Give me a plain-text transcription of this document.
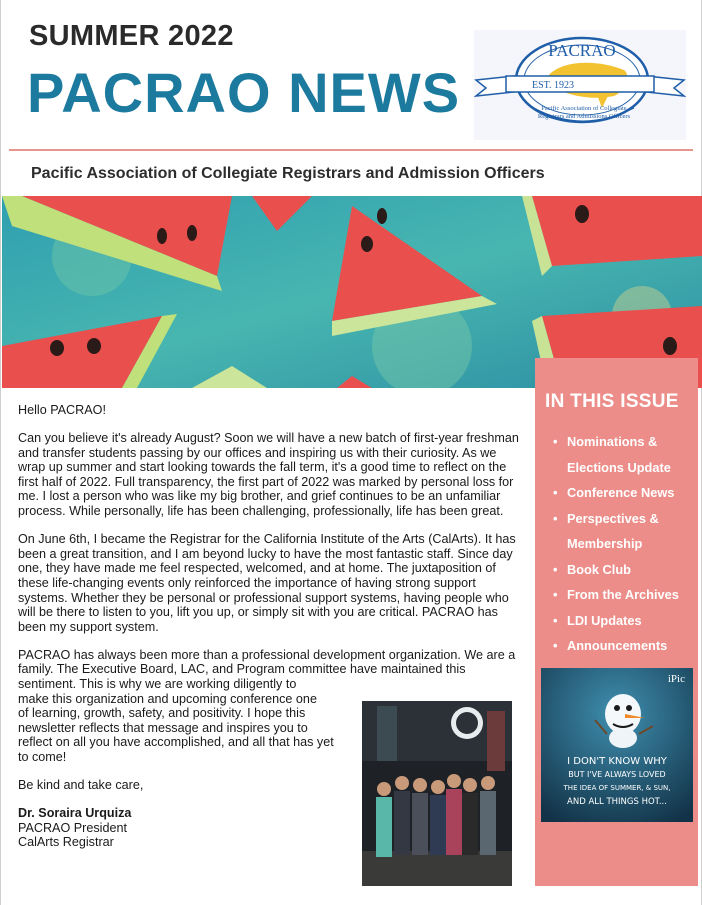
SUMMER 2022
PACRAO NEWS
PACRAO
EST. 1923
Pacific Association of Collegiate
Registrars and Admissions Officers
Pacific Association of Collegiate Registrars and Admission Officers

Hello PACRAO!

Can you believe it's already August? Soon we will have a new batch of first-year freshman and transfer students passing by our offices and inspiring us with their curiosity. As we wrap up summer and start looking towards the fall term, it's a good time to reflect on the first half of 2022. Full transparency, the first part of 2022 was marked by personal loss for me. I lost a person who was like my big brother, and grief continues to be an unfamiliar process. While personally, life has been challenging, professionally, life has been great.

On June 6th, I became the Registrar for the California Institute of the Arts (CalArts). It has been a great transition, and I am beyond lucky to have the most fantastic staff. Since day one, they have made me feel respected, welcomed, and at home. The juxtaposition of these life-changing events only reinforced the importance of having strong support systems. Whether they be personal or professional support systems, having people who will be there to listen to you, lift you up, or simply sit with you are critical. PACRAO has been my support system.

PACRAO has always been more than a professional development organization. We are a family. The Executive Board, LAC, and Program committee have maintained this sentiment. This is why we are working diligently to
make this organization and upcoming conference one
of learning, growth, safety, and positivity. I hope this
newsletter reflects that message and inspires you to
reflect on all you have accomplished, and all that has yet
to come!

Be kind and take care,

Dr. Soraira Urquiza
PACRAO President
CalArts Registrar

IN THIS ISSUE
• Nominations & Elections Update
• Conference News
• Perspectives & Membership
• Book Club
• From the Archives
• LDI Updates
• Announcements
iPic
I DON'T KNOW WHY
BUT I'VE ALWAYS LOVED
THE IDEA OF SUMMER, & SUN,
AND ALL THINGS HOT...
